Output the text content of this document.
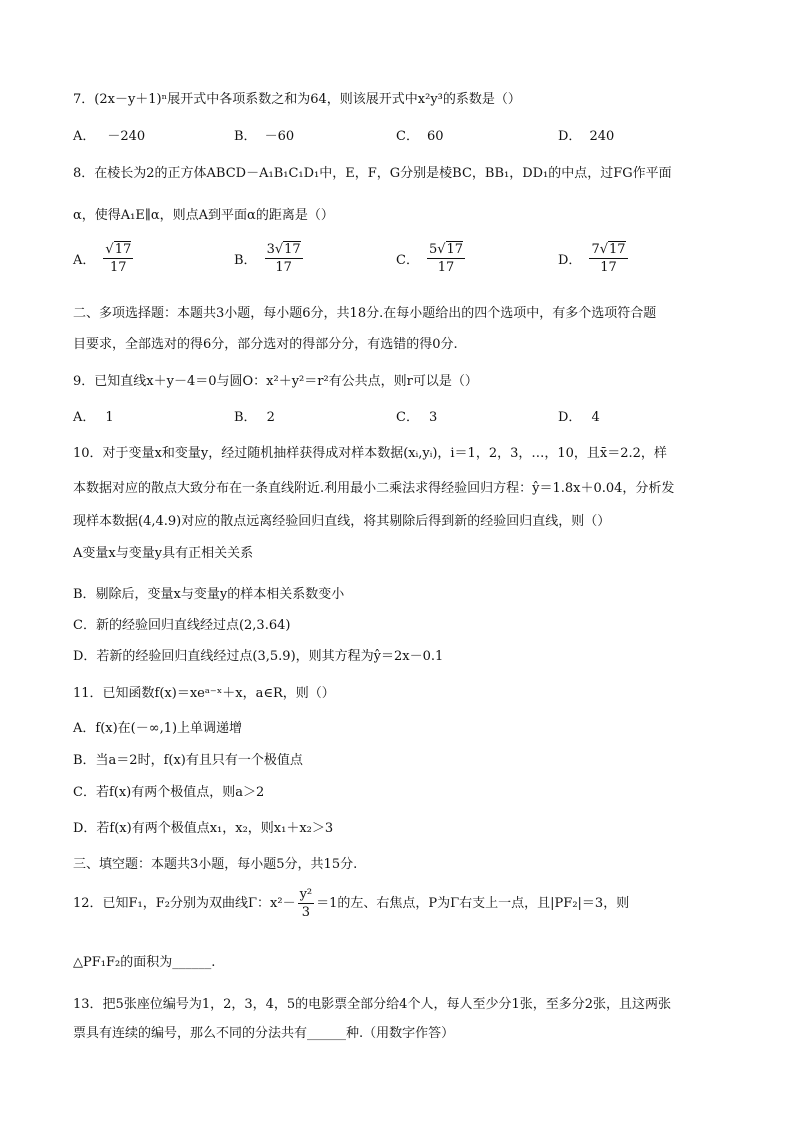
7．(2x－y＋1)ⁿ展开式中各项系数之和为64，则该展开式中x²y³的系数是（）
A． －240	B． －60	C． 60	D． 240
8．在棱长为2的正方体ABCD－A₁B₁C₁D₁中，E，F，G分别是棱BC，BB₁，DD₁的中点，过FG作平面
α，使得A₁E∥α，则点A到平面α的距离是（）
A． $\frac{√17}{17}$	B． $\frac{3√17}{17}$	C． $\frac{5√17}{17}$	D． $\frac{7√17}{17}$
二、多项选择题：本题共3小题，每小题6分，共18分.在每小题给出的四个选项中，有多个选项符合题
目要求，全部选对的得6分，部分选对的得部分分，有选错的得0分.
9．已知直线x＋y－4＝0与圆O：x²＋y²＝r²有公共点，则r可以是（）
A． 1	B． 2	C． 3	D． 4
10．对于变量x和变量y，经过随机抽样获得成对样本数据(xᵢ,yᵢ)，i＝1，2，3，…，10，且x̄＝2.2，样
本数据对应的散点大致分布在一条直线附近.利用最小二乘法求得经验回归方程：ŷ＝1.8x＋0.04，分析发
现样本数据(4,4.9)对应的散点远离经验回归直线，将其剔除后得到新的经验回归直线，则（）
A变量x与变量y具有正相关关系
B．剔除后，变量x与变量y的样本相关系数变小
C．新的经验回归直线经过点(2,3.64)
D．若新的经验回归直线经过点(3,5.9)，则其方程为ŷ＝2x－0.1
11．已知函数f(x)＝xeᵃ⁻ˣ＋x，a∈R，则（）
A．f(x)在(－∞,1)上单调递增
B．当a＝2时，f(x)有且只有一个极值点
C．若f(x)有两个极值点，则a＞2
D．若f(x)有两个极值点x₁，x₂，则x₁＋x₂＞3
三、填空题：本题共3小题，每小题5分，共15分.
12．已知F₁，F₂分别为双曲线Γ：$x^2- \frac{\text{y²}}{3} =1$的左、右焦点，P为Γ右支上一点，且|PF₂|＝3，则
△PF₁F₂的面积为______.
13．把5张座位编号为1，2，3，4，5的电影票全部分给4个人，每人至少分1张，至多分2张，且这两张
票具有连续的编号，那么不同的分法共有______种.（用数字作答）
